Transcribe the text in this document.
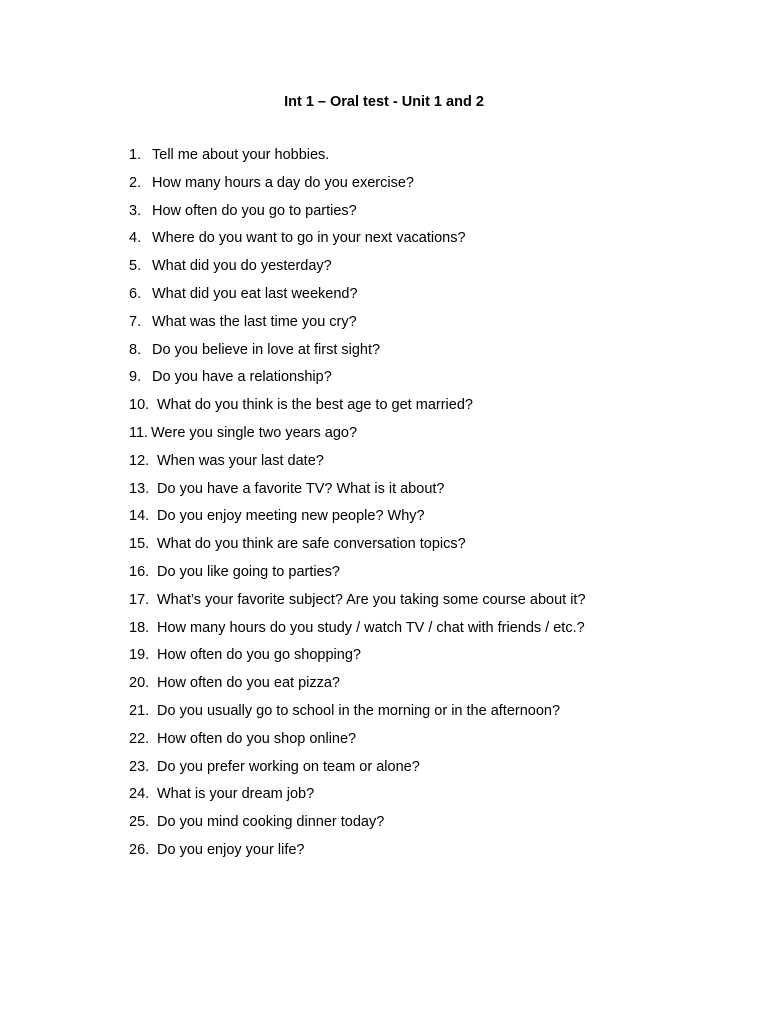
Int 1 – Oral test - Unit 1 and 2
1. Tell me about your hobbies.
2. How many hours a day do you exercise?
3. How often do you go to parties?
4. Where do you want to go in your next vacations?
5. What did you do yesterday?
6. What did you eat last weekend?
7. What was the last time you cry?
8. Do you believe in love at first sight?
9. Do you have a relationship?
10. What do you think is the best age to get married?
11. Were you single two years ago?
12. When was your last date?
13. Do you have a favorite TV? What is it about?
14. Do you enjoy meeting new people? Why?
15. What do you think are safe conversation topics?
16. Do you like going to parties?
17. What’s your favorite subject? Are you taking some course about it?
18. How many hours do you study / watch TV / chat with friends / etc.?
19. How often do you go shopping?
20. How often do you eat pizza?
21. Do you usually go to school in the morning or in the afternoon?
22. How often do you shop online?
23. Do you prefer working on team or alone?
24. What is your dream job?
25. Do you mind cooking dinner today?
26. Do you enjoy your life?
